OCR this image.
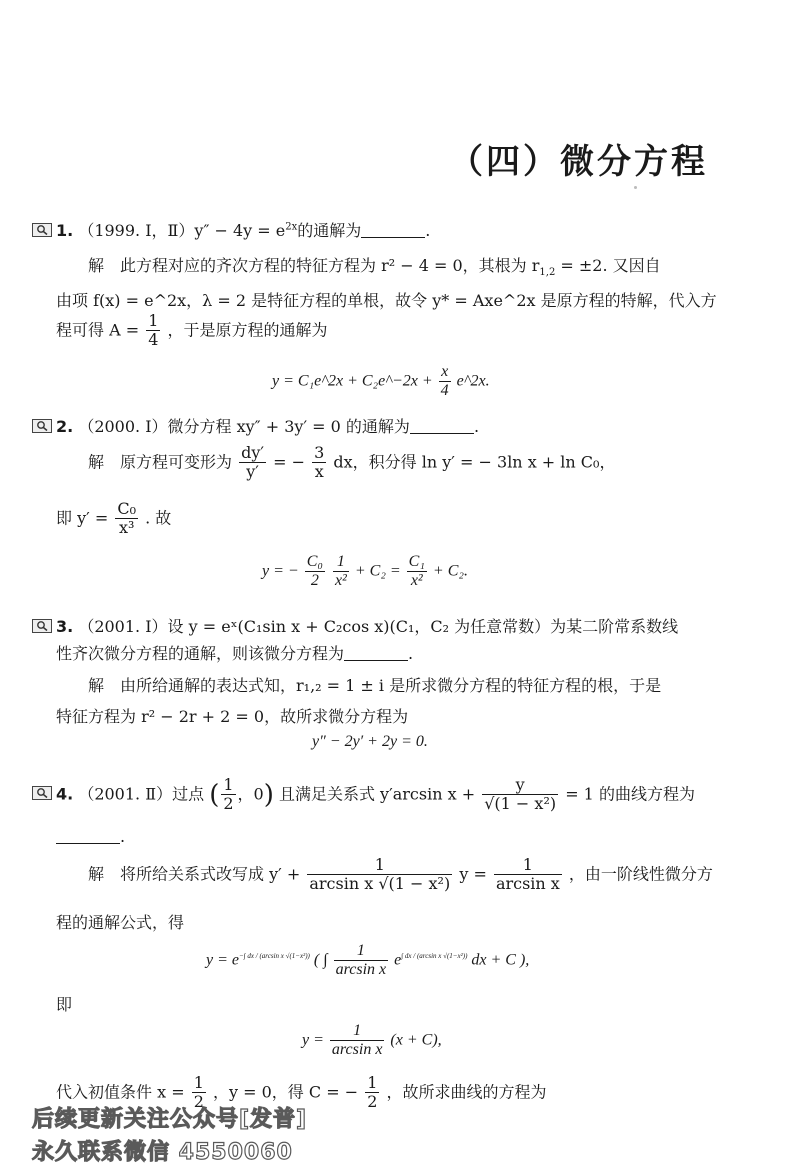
（四）微分方程
1. （1999. Ⅰ，Ⅱ）y″ − $4y = e^{2x}$的通解为	.
解　此方程对应的齐次方程的特征方程为 r² − 4 = 0，其根为 $r_{1,2} = \pm 2$. 又因自
由项 f(x) = e^2x，λ = 2 是特征方程的单根，故令 y* = Axe^2x 是原方程的特解，代入方
程可得 $A = \frac{1}{4}$ ，于是原方程的通解为
y = C₁e^2x + C₂e^−2x + $\frac{x}{4}$ e^2x.
2. （2000. Ⅰ）微分方程 xy″ + 3y′ = 0 的通解为	.
解　原方程可变形为 $\frac{dy'}{y'}$ = − $\frac{3}{x}$ dx，积分得 ln y′ = − 3ln x + ln C₀，
即 $y' = \frac{\text{C₀}}{\text{x³}}$ . 故
y = − $\frac{\text{C₀}}{2}$
$\frac{1}{\text{x²}} + C_2 = \frac{\text{C₁}}{\text{x²}} + C_2$.
3. （2001. Ⅰ）设 y = eˣ(C₁sin x + C₂cos x)(C₁，C₂ 为任意常数）为某二阶常系数线
性齐次微分方程的通解，则该微分方程为	.
解　由所给通解的表达式知，r₁,₂ = 1 ± i 是所求微分方程的特征方程的根，于是
特征方程为 r² − 2r + 2 = 0，故所求微分方程为
y″ − 2y′ + 2y = 0.
4. （2001. Ⅱ）过点 ( $\frac{1}{2}$ ，0) 且满足关系式 y′arcsin $x + \frac{y}{\text{√(1 − x²)}} = 1$ 的曲线方程为
.
解　将所给关系式改写成 $y' + \frac{1}{\text{arcsin x √(1 − x²)}}$ $y = \frac{1}{\text{arcsin x}}$ ，由一阶线性微分方
程的通解公式，得
$y = e^{-\int dx / (arcsin x √(1-x^2))}$ ( ∫ $\frac{1}{\text{arcsin x}} e^{\int dx / (arcsin x √(1-x^2))}$ dx + C ),
即
$y = \frac{1}{\text{arcsin x}} (x + C)$,
代入初值条件 $x = \frac{1}{2}$ ，y = 0，得 C = − $\frac{1}{2}$ ，故所求曲线的方程为
后续更新关注公众号[发普]
永久联系微信 4550060
